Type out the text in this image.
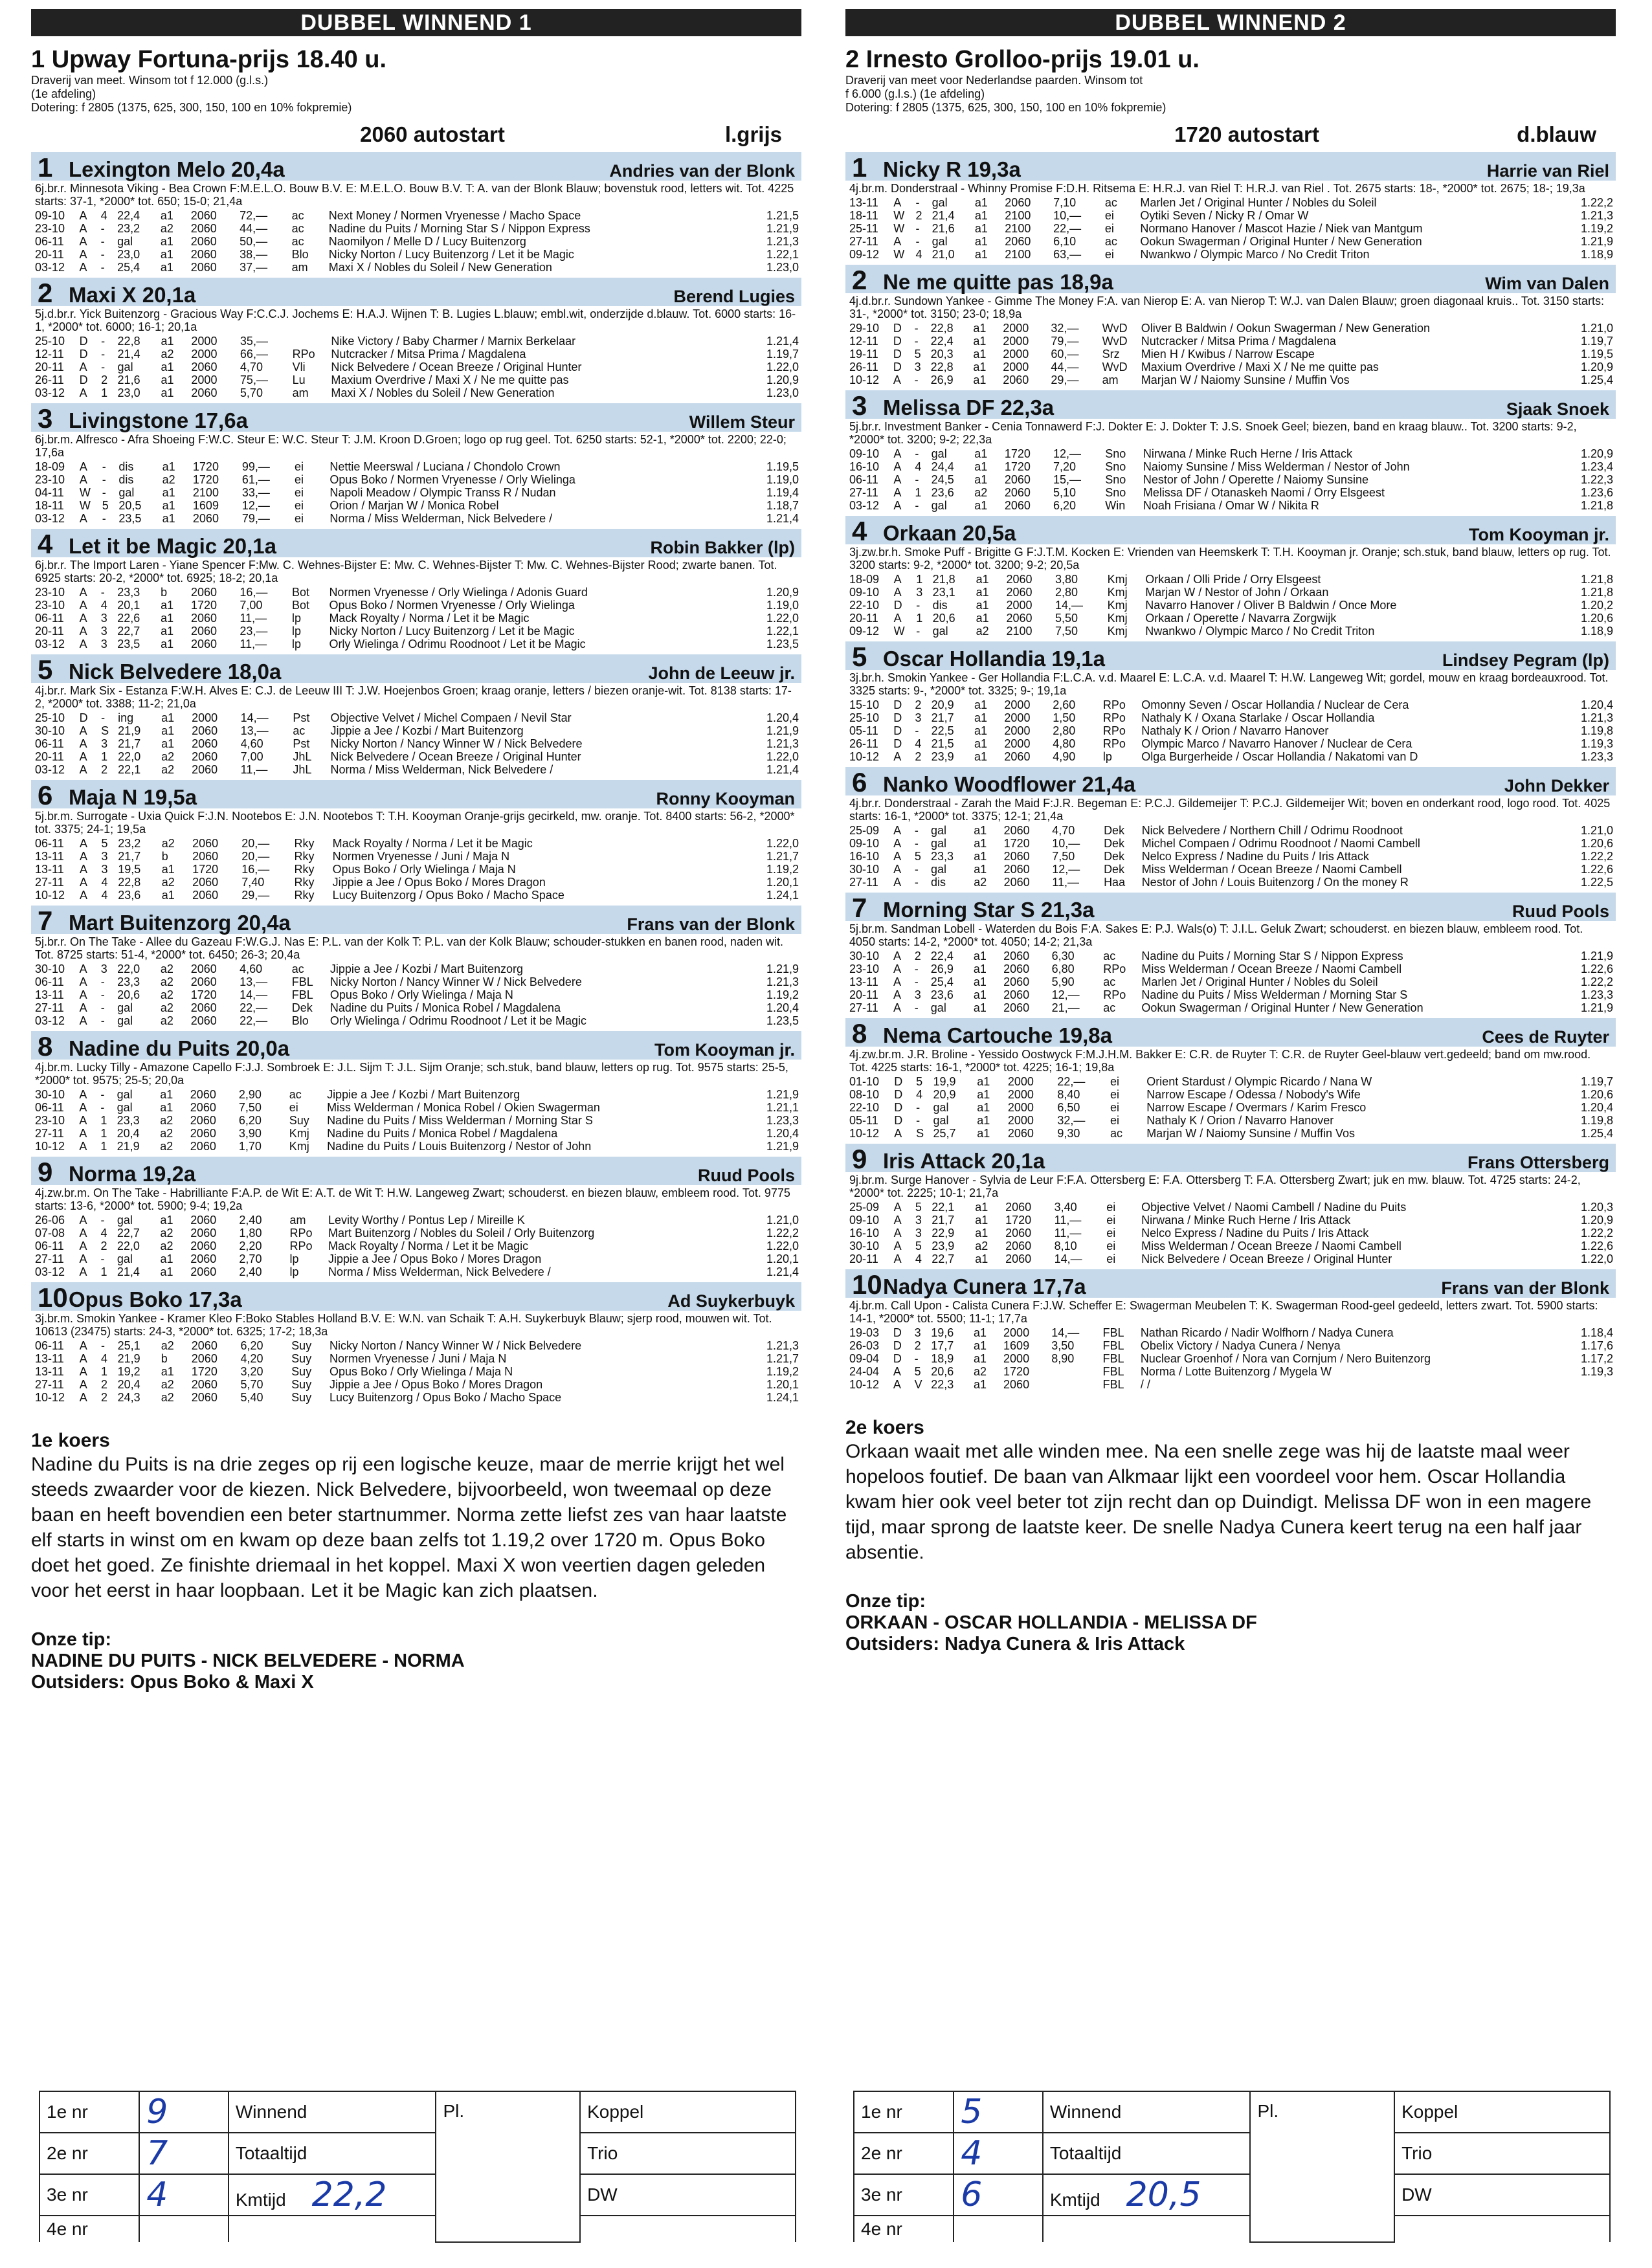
DUBBEL WINNEND 1
1 Upway Fortuna-prijs 18.40 u.
Draverij van meet. Winsom tot f 12.000 (g.l.s.)
(1e afdeling)
Dotering: f 2805 (1375, 625, 300, 150, 100 en 10% fokpremie)
2060 autostart	l.grijs
1 Lexington Melo 20,4a	Andries van der Blonk
6j.br.r. Minnesota Viking - Bea Crown F:M.E.L.O. Bouw B.V. E: M.E.L.O. Bouw B.V. T: A. van der Blonk Blauw; bovenstuk rood, letters wit. Tot. 4225 starts: 37-1, *2000* tot. 650; 15-0; 21,4a
09-10	A	4	22,4	a1	2060	72,—	ac	Next Money / Normen Vryenesse / Macho Space	1.21,5
23-10	A	-	23,2	a2	2060	44,—	ac	Nadine du Puits / Morning Star S / Nippon Express	1.21,9
06-11	A	-	gal	a1	2060	50,—	ac	Naomilyon / Melle D / Lucy Buitenzorg	1.21,3
20-11	A	-	23,0	a1	2060	38,—	Blo	Nicky Norton / Lucy Buitenzorg / Let it be Magic	1.22,1
03-12	A	-	25,4	a1	2060	37,—	am	Maxi X / Nobles du Soleil / New Generation	1.23,0
2 Maxi X 20,1a	Berend Lugies
5j.d.br.r. Yick Buitenzorg - Gracious Way F:C.C.J. Jochems E: H.A.J. Wijnen T: B. Lugies L.blauw; embl.wit, onderzijde d.blauw. Tot. 6000 starts: 16-1, *2000* tot. 6000; 16-1; 20,1a
25-10	D	-	22,8	a1	2000	35,—		Nike Victory / Baby Charmer / Marnix Berkelaar	1.21,4
12-11	D	-	21,4	a2	2000	66,—	RPo	Nutcracker / Mitsa Prima / Magdalena	1.19,7
20-11	A	-	gal	a1	2060	4,70	Vli	Nick Belvedere / Ocean Breeze / Original Hunter	1.22,0
26-11	D	2	21,6	a1	2000	75,—	Lu	Maxium Overdrive / Maxi X / Ne me quitte pas	1.20,9
03-12	A	1	23,0	a1	2060	5,70	am	Maxi X / Nobles du Soleil / New Generation	1.23,0
3 Livingstone 17,6a	Willem Steur
6j.br.m. Alfresco - Afra Shoeing F:W.C. Steur E: W.C. Steur T: J.M. Kroon D.Groen; logo op rug geel. Tot. 6250 starts: 52-1, *2000* tot. 2200; 22-0; 17,6a
18-09	A	-	dis	a1	1720	99,—	ei	Nettie Meerswal / Luciana / Chondolo Crown	1.19,5
23-10	A	-	dis	a2	1720	61,—	ei	Opus Boko / Normen Vryenesse / Orly Wielinga	1.19,0
04-11	W	-	gal	a1	2100	33,—	ei	Napoli Meadow / Olympic Transs R / Nudan	1.19,4
18-11	W	5	20,5	a1	1609	12,—	ei	Orion / Marjan W / Monica Robel	1.18,7
03-12	A	-	23,5	a1	2060	79,—	ei	Norma / Miss Welderman, Nick Belvedere /	1.21,4
4 Let it be Magic 20,1a	Robin Bakker (lp)
6j.br.r. The Import Laren - Yiane Spencer F:Mw. C. Wehnes-Bijster E: Mw. C. Wehnes-Bijster T: Mw. C. Wehnes-Bijster Rood; zwarte banen. Tot. 6925 starts: 20-2, *2000* tot. 6925; 18-2; 20,1a
23-10	A	-	23,3	b	2060	16,—	Bot	Normen Vryenesse / Orly Wielinga / Adonis Guard	1.20,9
23-10	A	4	20,1	a1	1720	7,00	Bot	Opus Boko / Normen Vryenesse / Orly Wielinga	1.19,0
06-11	A	3	22,6	a1	2060	11,—	lp	Mack Royalty / Norma / Let it be Magic	1.22,0
20-11	A	3	22,7	a1	2060	23,—	lp	Nicky Norton / Lucy Buitenzorg / Let it be Magic	1.22,1
03-12	A	3	23,5	a1	2060	11,—	lp	Orly Wielinga / Odrimu Roodnoot / Let it be Magic	1.23,5
5 Nick Belvedere 18,0a	John de Leeuw jr.
4j.br.r. Mark Six - Estanza F:W.H. Alves E: C.J. de Leeuw III T: J.W. Hoejenbos Groen; kraag oranje, letters / biezen oranje-wit. Tot. 8138 starts: 17-2, *2000* tot. 3388; 11-2; 21,0a
25-10	D	-	ing	a1	2000	14,—	Pst	Objective Velvet / Michel Compaen / Nevil Star	1.20,4
30-10	A	S	21,9	a1	2060	13,—	ac	Jippie a Jee / Kozbi / Mart Buitenzorg	1.21,9
06-11	A	3	21,7	a1	2060	4,60	Pst	Nicky Norton / Nancy Winner W / Nick Belvedere	1.21,3
20-11	A	1	22,0	a2	2060	7,00	JhL	Nick Belvedere / Ocean Breeze / Original Hunter	1.22,0
03-12	A	2	22,1	a2	2060	11,—	JhL	Norma / Miss Welderman, Nick Belvedere /	1.21,4
6 Maja N 19,5a	Ronny Kooyman
5j.br.m. Surrogate - Uxia Quick F:J.N. Nootebos E: J.N. Nootebos T: T.H. Kooyman Oranje-grijs gecirkeld, mw. oranje. Tot. 8400 starts: 56-2, *2000* tot. 3375; 24-1; 19,5a
06-11	A	5	23,2	a2	2060	20,—	Rky	Mack Royalty / Norma / Let it be Magic	1.22,0
13-11	A	3	21,7	b	2060	20,—	Rky	Normen Vryenesse / Juni / Maja N	1.21,7
13-11	A	3	19,5	a1	1720	16,—	Rky	Opus Boko / Orly Wielinga / Maja N	1.19,2
27-11	A	4	22,8	a2	2060	7,40	Rky	Jippie a Jee / Opus Boko / Mores Dragon	1.20,1
10-12	A	4	23,6	a1	2060	29,—	Rky	Lucy Buitenzorg / Opus Boko / Macho Space	1.24,1
7 Mart Buitenzorg 20,4a	Frans van der Blonk
5j.br.r. On The Take - Allee du Gazeau F:W.G.J. Nas E: P.L. van der Kolk T: P.L. van der Kolk Blauw; schouder-stukken en banen rood, naden wit. Tot. 8725 starts: 51-4, *2000* tot. 6450; 26-3; 20,4a
30-10	A	3	22,0	a2	2060	4,60	ac	Jippie a Jee / Kozbi / Mart Buitenzorg	1.21,9
06-11	A	-	23,3	a2	2060	13,—	FBL	Nicky Norton / Nancy Winner W / Nick Belvedere	1.21,3
13-11	A	-	20,6	a2	1720	14,—	FBL	Opus Boko / Orly Wielinga / Maja N	1.19,2
27-11	A	-	gal	a2	2060	22,—	Dek	Nadine du Puits / Monica Robel / Magdalena	1.20,4
03-12	A	-	gal	a2	2060	22,—	Blo	Orly Wielinga / Odrimu Roodnoot / Let it be Magic	1.23,5
8 Nadine du Puits 20,0a	Tom Kooyman jr.
4j.br.m. Lucky Tilly - Amazone Capello F:J.J. Sombroek E: J.L. Sijm T: J.L. Sijm Oranje; sch.stuk, band blauw, letters op rug. Tot. 9575 starts: 25-5, *2000* tot. 9575; 25-5; 20,0a
30-10	A	-	gal	a1	2060	2,90	ac	Jippie a Jee / Kozbi / Mart Buitenzorg	1.21,9
06-11	A	-	gal	a1	2060	7,50	ei	Miss Welderman / Monica Robel / Okien Swagerman	1.21,1
23-10	A	1	23,3	a2	2060	6,20	Suy	Nadine du Puits / Miss Welderman / Morning Star S	1.23,3
27-11	A	1	20,4	a2	2060	3,90	Kmj	Nadine du Puits / Monica Robel / Magdalena	1.20,4
10-12	A	1	21,9	a2	2060	1,70	Kmj	Nadine du Puits / Louis Buitenzorg / Nestor of John	1.21,9
9 Norma 19,2a	Ruud Pools
4j.zw.br.m. On The Take - Habrilliante F:A.P. de Wit E: A.T. de Wit T: H.W. Langeweg Zwart; schouderst. en biezen blauw, embleem rood. Tot. 9775 starts: 13-6, *2000* tot. 5900; 9-4; 19,2a
26-06	A	-	gal	a1	2060	2,40	am	Levity Worthy / Pontus Lep / Mireille K	1.21,0
07-08	A	4	22,7	a2	2060	1,80	RPo	Mart Buitenzorg / Nobles du Soleil / Orly Buitenzorg	1.22,2
06-11	A	2	22,0	a2	2060	2,20	RPo	Mack Royalty / Norma / Let it be Magic	1.22,0
27-11	A	-	gal	a1	2060	2,70	lp	Jippie a Jee / Opus Boko / Mores Dragon	1.20,1
03-12	A	1	21,4	a1	2060	2,40	lp	Norma / Miss Welderman, Nick Belvedere /	1.21,4
10 Opus Boko 17,3a	Ad Suykerbuyk
3j.br.m. Smokin Yankee - Kramer Kleo F:Boko Stables Holland B.V. E: W.N. van Schaik T: A.H. Suykerbuyk Blauw; sjerp rood, mouwen wit. Tot. 10613 (23475) starts: 24-3, *2000* tot. 6325; 17-2; 18,3a
06-11	A	-	25,1	a2	2060	6,20	Suy	Nicky Norton / Nancy Winner W / Nick Belvedere	1.21,3
13-11	A	4	21,9	b	2060	4,20	Suy	Normen Vryenesse / Juni / Maja N	1.21,7
13-11	A	1	19,2	a1	1720	3,20	Suy	Opus Boko / Orly Wielinga / Maja N	1.19,2
27-11	A	2	20,4	a2	2060	5,70	Suy	Jippie a Jee / Opus Boko / Mores Dragon	1.20,1
10-12	A	2	24,3	a2	2060	5,40	Suy	Lucy Buitenzorg / Opus Boko / Macho Space	1.24,1
1e koers
Nadine du Puits is na drie zeges op rij een logische keuze, maar de merrie krijgt het wel steeds zwaarder voor de kiezen. Nick Belvedere, bijvoorbeeld, won tweemaal op deze baan en heeft bovendien een beter startnummer. Norma zette liefst zes van haar laatste elf starts in winst om en kwam op deze baan zelfs tot 1.19,2 over 1720 m. Opus Boko doet het goed. Ze finishte driemaal in het koppel. Maxi X won veertien dagen geleden voor het eerst in haar loopbaan. Let it be Magic kan zich plaatsen.
Onze tip:
NADINE DU PUITS - NICK BELVEDERE - NORMA
Outsiders: Opus Boko & Maxi X
DUBBEL WINNEND 2
2 Irnesto Grolloo-prijs 19.01 u.
Draverij van meet voor Nederlandse paarden. Winsom tot
f 6.000 (g.l.s.) (1e afdeling)
Dotering: f 2805 (1375, 625, 300, 150, 100 en 10% fokpremie)
1720 autostart	d.blauw
1 Nicky R 19,3a	Harrie van Riel
4j.br.m. Donderstraal - Whinny Promise F:D.H. Ritsema E: H.R.J. van Riel T: H.R.J. van Riel . Tot. 2675 starts: 18-, *2000* tot. 2675; 18-; 19,3a
13-11	A	-	gal	a1	2060	7,10	ac	Marlen Jet / Original Hunter / Nobles du Soleil	1.22,2
18-11	W	2	21,4	a1	2100	10,—	ei	Oytiki Seven / Nicky R / Omar W	1.21,3
25-11	W	-	21,6	a1	2100	22,—	ei	Normano Hanover / Mascot Hazie / Niek van Mantgum	1.19,2
27-11	A	-	gal	a1	2060	6,10	ac	Ookun Swagerman / Original Hunter / New Generation	1.21,9
09-12	W	4	21,0	a1	2100	63,—	ei	Nwankwo / Olympic Marco / No Credit Triton	1.18,9
2 Ne me quitte pas 18,9a	Wim van Dalen
4j.d.br.r. Sundown Yankee - Gimme The Money F:A. van Nierop E: A. van Nierop T: W.J. van Dalen Blauw; groen diagonaal kruis.. Tot. 3150 starts: 31-, *2000* tot. 3150; 23-0; 18,9a
29-10	D	-	22,8	a1	2000	32,—	WvD	Oliver B Baldwin / Ookun Swagerman / New Generation	1.21,0
12-11	D	-	22,4	a1	2000	79,—	WvD	Nutcracker / Mitsa Prima / Magdalena	1.19,7
19-11	D	5	20,3	a1	2000	60,—	Srz	Mien H / Kwibus / Narrow Escape	1.19,5
26-11	D	3	22,8	a1	2000	44,—	WvD	Maxium Overdrive / Maxi X / Ne me quitte pas	1.20,9
10-12	A	-	26,9	a1	2060	29,—	am	Marjan W / Naiomy Sunsine / Muffin Vos	1.25,4
3 Melissa DF 22,3a	Sjaak Snoek
5j.br.r. Investment Banker - Cenia Tonnawerd F:J. Dokter E: J. Dokter T: J.S. Snoek Geel; biezen, band en kraag blauw.. Tot. 3200 starts: 9-2, *2000* tot. 3200; 9-2; 22,3a
09-10	A	-	gal	a1	1720	12,—	Sno	Nirwana / Minke Ruch Herne / Iris Attack	1.20,9
16-10	A	4	24,4	a1	1720	7,20	Sno	Naiomy Sunsine / Miss Welderman / Nestor of John	1.23,4
06-11	A	-	24,5	a1	2060	15,—	Sno	Nestor of John / Operette / Naiomy Sunsine	1.22,3
27-11	A	1	23,6	a2	2060	5,10	Sno	Melissa DF / Otanaskeh Naomi / Orry Elsgeest	1.23,6
03-12	A	-	gal	a1	2060	6,20	Win	Noah Frisiana / Omar W / Nikita R	1.21,8
4 Orkaan 20,5a	Tom Kooyman jr.
3j.zw.br.h. Smoke Puff - Brigitte G F:J.T.M. Kocken E: Vrienden van Heemskerk T: T.H. Kooyman jr. Oranje; sch.stuk, band blauw, letters op rug. Tot. 3200 starts: 9-2, *2000* tot. 3200; 9-2; 20,5a
18-09	A	1	21,8	a1	2060	3,80	Kmj	Orkaan / Olli Pride / Orry Elsgeest	1.21,8
09-10	A	3	23,1	a1	2060	2,80	Kmj	Marjan W / Nestor of John / Orkaan	1.21,8
22-10	D	-	dis	a1	2000	14,—	Kmj	Navarro Hanover / Oliver B Baldwin / Once More	1.20,2
20-11	A	1	20,6	a1	2060	5,50	Kmj	Orkaan / Operette / Navarra Zorgwijk	1.20,6
09-12	W	-	gal	a2	2100	7,50	Kmj	Nwankwo / Olympic Marco / No Credit Triton	1.18,9
5 Oscar Hollandia 19,1a	Lindsey Pegram (lp)
3j.br.h. Smokin Yankee - Ger Hollandia F:L.C.A. v.d. Maarel E: L.C.A. v.d. Maarel T: H.W. Langeweg Wit; gordel, mouw en kraag bordeauxrood. Tot. 3325 starts: 9-, *2000* tot. 3325; 9-; 19,1a
15-10	D	2	20,9	a1	2000	2,60	RPo	Omonny Seven / Oscar Hollandia / Nuclear de Cera	1.20,4
25-10	D	3	21,7	a1	2000	1,50	RPo	Nathaly K / Oxana Starlake / Oscar Hollandia	1.21,3
05-11	D	-	22,5	a1	2000	2,80	RPo	Nathaly K / Orion / Navarro Hanover	1.19,8
26-11	D	4	21,5	a1	2000	4,80	RPo	Olympic Marco / Navarro Hanover / Nuclear de Cera	1.19,3
10-12	A	2	23,9	a1	2060	4,90	lp	Olga Burgerheide / Oscar Hollandia / Nakatomi van D	1.23,3
6 Nanko Woodflower 21,4a	John Dekker
4j.br.r. Donderstraal - Zarah the Maid F:J.R. Begeman E: P.C.J. Gildemeijer T: P.C.J. Gildemeijer Wit; boven en onderkant rood, logo rood. Tot. 4025 starts: 16-1, *2000* tot. 3375; 12-1; 21,4a
25-09	A	-	gal	a1	2060	4,70	Dek	Nick Belvedere / Northern Chill / Odrimu Roodnoot	1.21,0
09-10	A	-	gal	a1	1720	10,—	Dek	Michel Compaen / Odrimu Roodnoot / Naomi Cambell	1.20,6
16-10	A	5	23,3	a1	2060	7,50	Dek	Nelco Express / Nadine du Puits / Iris Attack	1.22,2
30-10	A	-	gal	a1	2060	12,—	Dek	Miss Welderman / Ocean Breeze / Naomi Cambell	1.22,6
27-11	A	-	dis	a2	2060	11,—	Haa	Nestor of John / Louis Buitenzorg / On the money R	1.22,5
7 Morning Star S 21,3a	Ruud Pools
5j.br.m. Sandman Lobell - Waterden du Bois F:A. Sakes E: P.J. Wals(o) T: J.I.L. Geluk Zwart; schouderst. en biezen blauw, embleem rood. Tot. 4050 starts: 14-2, *2000* tot. 4050; 14-2; 21,3a
30-10	A	2	22,4	a1	2060	6,30	ac	Nadine du Puits / Morning Star S / Nippon Express	1.21,9
23-10	A	-	26,9	a1	2060	6,80	RPo	Miss Welderman / Ocean Breeze / Naomi Cambell	1.22,6
13-11	A	-	25,4	a1	2060	5,90	ac	Marlen Jet / Original Hunter / Nobles du Soleil	1.22,2
20-11	A	3	23,6	a1	2060	12,—	RPo	Nadine du Puits / Miss Welderman / Morning Star S	1.23,3
27-11	A	-	gal	a1	2060	21,—	ac	Ookun Swagerman / Original Hunter / New Generation	1.21,9
8 Nema Cartouche 19,8a	Cees de Ruyter
4j.zw.br.m. J.R. Broline - Yessido Oostwyck F:M.J.H.M. Bakker E: C.R. de Ruyter T: C.R. de Ruyter Geel-blauw vert.gedeeld; band om mw.rood. Tot. 4225 starts: 16-1, *2000* tot. 4225; 16-1; 19,8a
01-10	D	5	19,9	a1	2000	22,—	ei	Orient Stardust / Olympic Ricardo / Nana W	1.19,7
08-10	D	4	20,9	a1	2000	8,40	ei	Narrow Escape / Odessa / Nobody's Wife	1.20,6
22-10	D	-	gal	a1	2000	6,50	ei	Narrow Escape / Overmars / Karim Fresco	1.20,4
05-11	D	-	gal	a1	2000	32,—	ei	Nathaly K / Orion / Navarro Hanover	1.19,8
10-12	A	S	25,7	a1	2060	9,30	ac	Marjan W / Naiomy Sunsine / Muffin Vos	1.25,4
9 Iris Attack 20,1a	Frans Ottersberg
9j.br.m. Surge Hanover - Sylvia de Leur F:F.A. Ottersberg E: F.A. Ottersberg T: F.A. Ottersberg Zwart; juk en mw. blauw. Tot. 4725 starts: 24-2, *2000* tot. 2225; 10-1; 21,7a
25-09	A	5	22,1	a1	2060	3,40	ei	Objective Velvet / Naomi Cambell / Nadine du Puits	1.20,3
09-10	A	3	21,7	a1	1720	11,—	ei	Nirwana / Minke Ruch Herne / Iris Attack	1.20,9
16-10	A	3	22,9	a1	2060	11,—	ei	Nelco Express / Nadine du Puits / Iris Attack	1.22,2
30-10	A	5	23,9	a2	2060	8,10	ei	Miss Welderman / Ocean Breeze / Naomi Cambell	1.22,6
20-11	A	4	22,7	a1	2060	14,—	ei	Nick Belvedere / Ocean Breeze / Original Hunter	1.22,0
10 Nadya Cunera 17,7a	Frans van der Blonk
4j.br.m. Call Upon - Calista Cunera F:J.W. Scheffer E: Swagerman Meubelen T: K. Swagerman Rood-geel gedeeld, letters zwart. Tot. 5900 starts: 14-1, *2000* tot. 5500; 11-1; 17,7a
19-03	D	3	19,6	a1	2000	14,—	FBL	Nathan Ricardo / Nadir Wolfhorn / Nadya Cunera	1.18,4
26-03	D	2	17,7	a1	1609	3,50	FBL	Obelix Victory / Nadya Cunera / Nenya	1.17,6
09-04	D	-	18,9	a1	2000	8,90	FBL	Nuclear Groenhof / Nora van Cornjum / Nero Buitenzorg	1.17,2
24-04	A	5	20,6	a2	1720		FBL	Norma / Lotte Buitenzorg / Mygela W	1.19,3
10-12	A	V	22,3	a1	2060		FBL	/ /	
2e koers
Orkaan waait met alle winden mee. Na een snelle zege was hij de laatste maal weer hopeloos foutief. De baan van Alkmaar lijkt een voordeel voor hem. Oscar Hollandia kwam hier ook veel beter tot zijn recht dan op Duindigt. Melissa DF won in een magere tijd, maar sprong de laatste keer. De snelle Nadya Cunera keert terug na een half jaar absentie.
Onze tip:
ORKAAN - OSCAR HOLLANDIA - MELISSA DF
Outsiders: Nadya Cunera & Iris Attack
1e nr	9	Winnend	Pl.	Koppel
2e nr	7	Totaaltijd		Trio
3e nr	4	Kmtijd 22,2		DW
4e nr				
1e nr	5	Winnend	Pl.	Koppel
2e nr	4	Totaaltijd		Trio
3e nr	6	Kmtijd 20,5		DW
4e nr				
